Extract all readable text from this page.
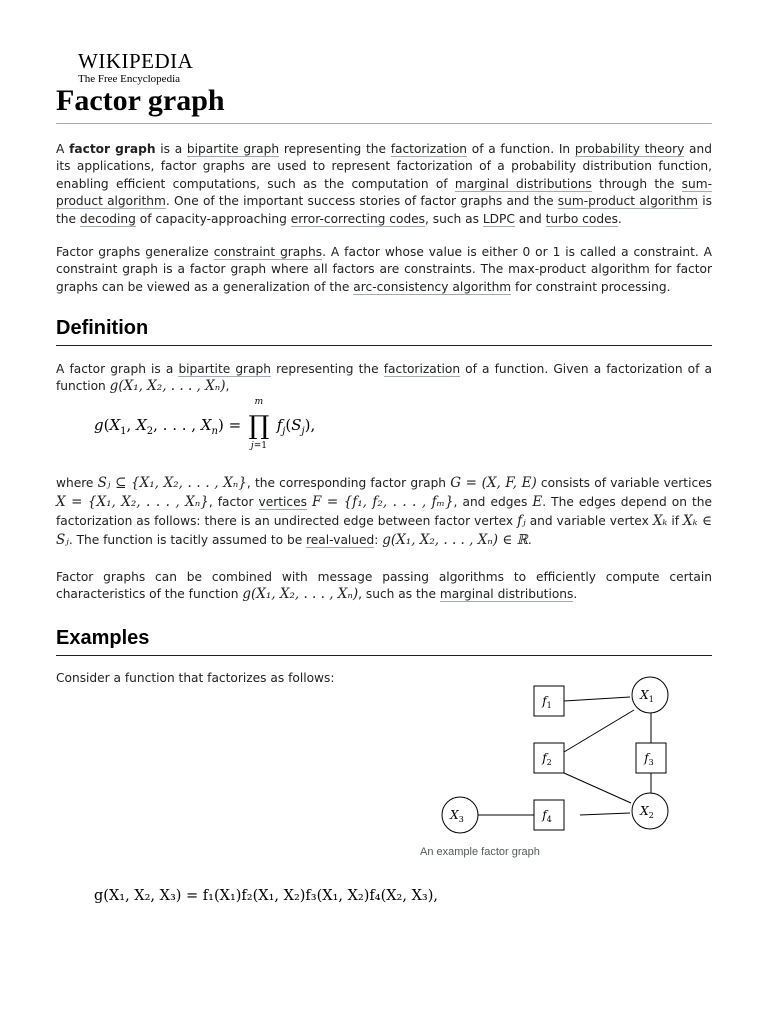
WIKIPEDIA
The Free Encyclopedia
Factor graph

A factor graph is a bipartite graph representing the factorization of a function. In probability theory and its applications, factor graphs are used to represent factorization of a probability distribution function, enabling efficient computations, such as the computation of marginal distributions through the sum-product algorithm. One of the important success stories of factor graphs and the sum-product algorithm is the decoding of capacity-approaching error-correcting codes, such as LDPC and turbo codes.

Factor graphs generalize constraint graphs. A factor whose value is either 0 or 1 is called a constraint. A constraint graph is a factor graph where all factors are constraints. The max-product algorithm for factor graphs can be viewed as a generalization of the arc-consistency algorithm for constraint processing.

Definition

A factor graph is a bipartite graph representing the factorization of a function. Given a factorization of a function g(X₁, X₂, . . . , Xₙ),

$g(X_1$, $X_2$, . . . , $X_n$) =
m
∏
j=1
$f_j(S_j)$,

where Sⱼ ⊆ {X₁, X₂, . . . , Xₙ}, the corresponding factor graph G = (X, F, E) consists of variable vertices X = {X₁, X₂, . . . , Xₙ}, factor vertices F = {f₁, f₂, . . . , fₘ}, and edges E. The edges depend on the factorization as follows: there is an undirected edge between factor vertex fⱼ and variable vertex Xₖ if Xₖ ∈ Sⱼ. The function is tacitly assumed to be real-valued: g(X₁, X₂, . . . , Xₙ) ∈ ℝ.

Factor graphs can be combined with message passing algorithms to efficiently compute certain characteristics of the function g(X₁, X₂, . . . , Xₙ), such as the marginal distributions.

Examples

Consider a function that factorizes as follows:

$f_1$
$f_2$	$f_3$
$f_4$
$X_1$
$X_2$
$X_3$
An example factor graph
g(X₁, X₂, X₃) = f₁(X₁)f₂(X₁, X₂)f₃(X₁, X₂)f₄(X₂, X₃),
